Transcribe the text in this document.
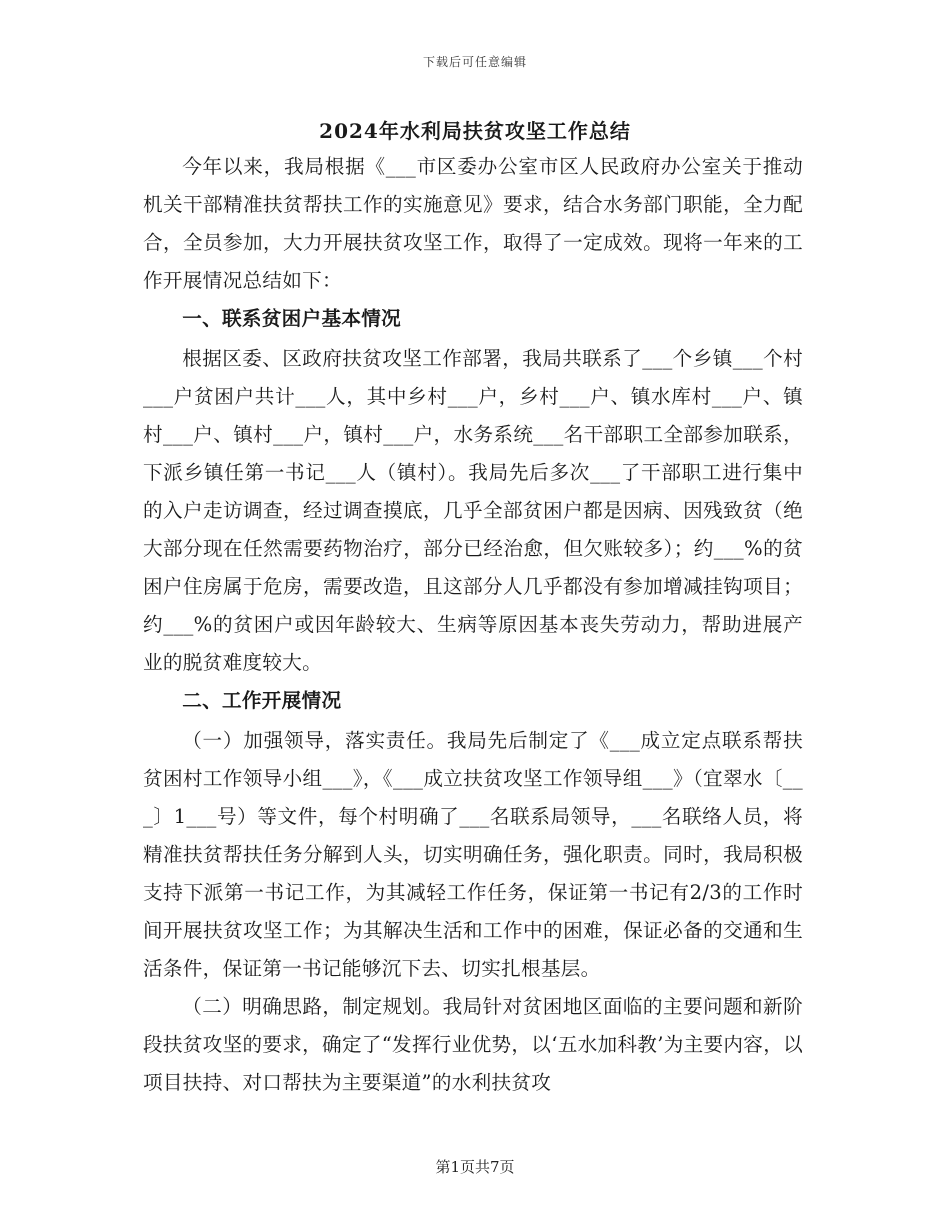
下载后可任意编辑
2024年水利局扶贫攻坚工作总结

今年以来，我局根据《___市区委办公室市区人民政府办公室关于推动机关干部精准扶贫帮扶工作的实施意见》要求，结合水务部门职能，全力配合，全员参加，大力开展扶贫攻坚工作，取得了一定成效。现将一年来的工作开展情况总结如下：

一、联系贫困户基本情况

根据区委、区政府扶贫攻坚工作部署，我局共联系了___个乡镇___个村___户贫困户共计___人，其中乡村___户，乡村___户、镇水库村___户、镇村___户、镇村___户，镇村___户，水务系统___名干部职工全部参加联系，下派乡镇任第一书记___人（镇村）。我局先后多次___了干部职工进行集中的入户走访调查，经过调查摸底，几乎全部贫困户都是因病、因残致贫（绝大部分现在任然需要药物治疗，部分已经治愈，但欠账较多）；约___%的贫困户住房属于危房，需要改造，且这部分人几乎都没有参加增减挂钩项目；约___%的贫困户或因年龄较大、生病等原因基本丧失劳动力，帮助进展产业的脱贫难度较大。

二、工作开展情况

（一）加强领导，落实责任。我局先后制定了《___成立定点联系帮扶贫困村工作领导小组___》，《___成立扶贫攻坚工作领导组___》（宜翠水〔___〕1___号）等文件，每个村明确了___名联系局领导，___名联络人员，将精准扶贫帮扶任务分解到人头，切实明确任务，强化职责。同时，我局积极支持下派第一书记工作，为其减轻工作任务，保证第一书记有2/3的工作时间开展扶贫攻坚工作；为其解决生活和工作中的困难，保证必备的交通和生活条件，保证第一书记能够沉下去、切实扎根基层。

（二）明确思路，制定规划。我局针对贫困地区面临的主要问题和新阶段扶贫攻坚的要求，确定了“发挥行业优势，以‘五水加科教’为主要内容，以项目扶持、对口帮扶为主要渠道”的水利扶贫攻

第1页共7页
